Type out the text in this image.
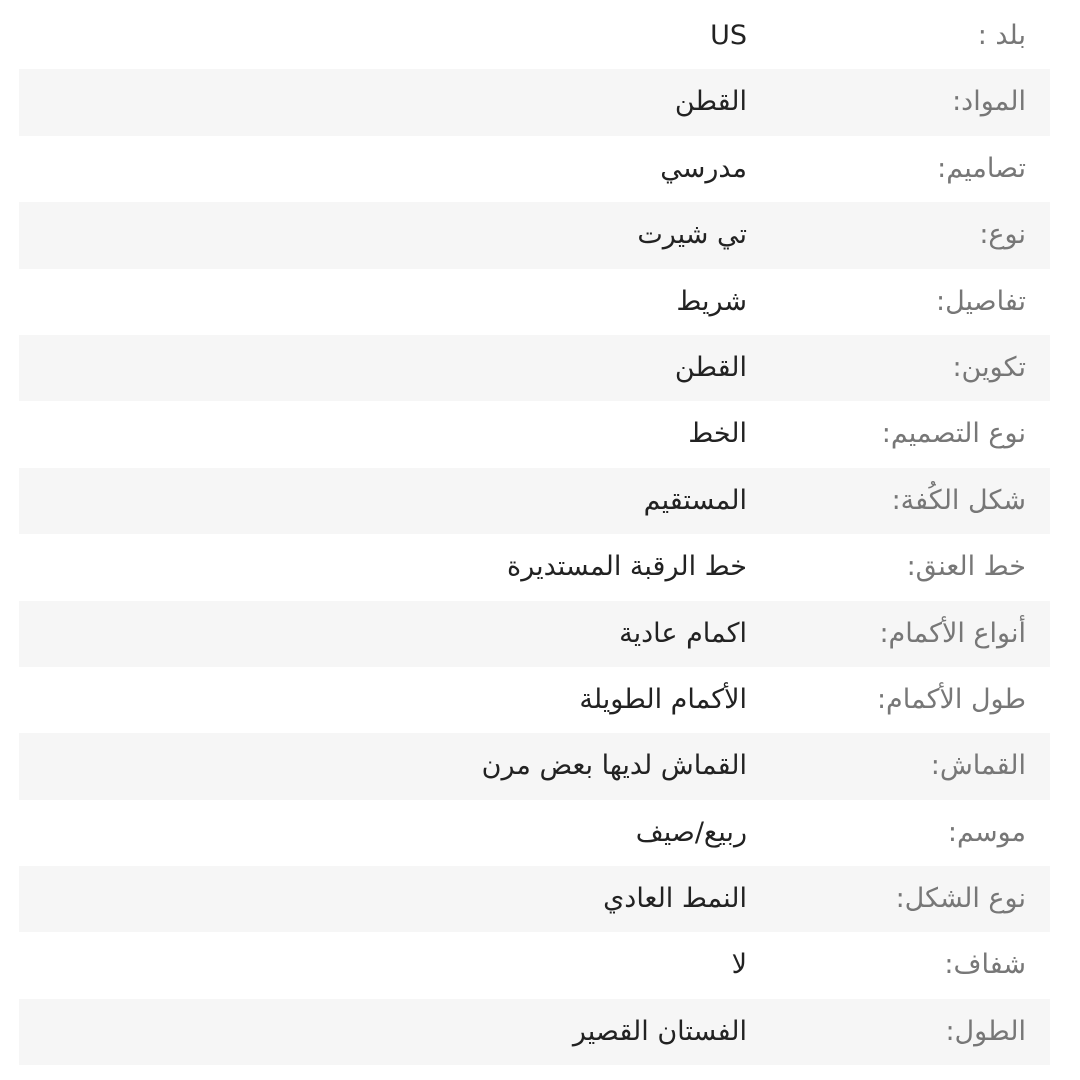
بلد :
US
المواد:
القطن
تصاميم:
مدرسي
نوع:
تي شيرت
تفاصيل:
شريط
تكوين:
القطن
نوع التصميم:
الخط
شكل الكُفة:
المستقيم
خط العنق:
خط الرقبة المستديرة
أنواع الأكمام:
اكمام عادية
طول الأكمام:
الأكمام الطويلة
القماش:
القماش لديها بعض مرن
موسم:
ربيع/صيف
نوع الشكل:
النمط العادي
شفاف:
لا
الطول:
الفستان القصير
